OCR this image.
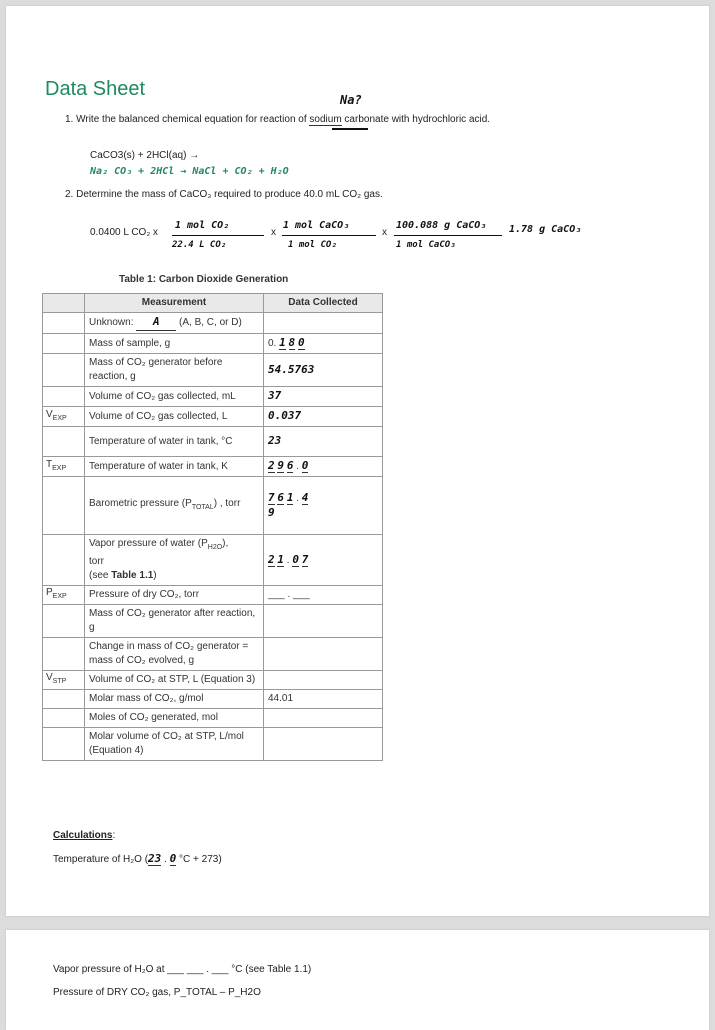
Data Sheet	Na?
1. Write the balanced chemical equation for reaction of sodium carbonate with hydrochloric acid.
CaCO3(s) + 2HCl(aq) →
Na₂ CO₃ + 2HCl → NaCl + CO₂ + H₂O
2. Determine the mass of CaCO₃ required to produce 40.0 mL CO₂ gas.
0.0400 L CO₂ x
1 mol CO₂
22.4 L CO₂
x
1 mol CaCO₃
1 mol CO₂
x
100.088 g CaCO₃
1 mol CaCO₃
1.78 g CaCO₃
Table 1: Carbon Dioxide Generation
	Measurement	Data Collected
	Unknown: A (A, B, C, or D)	
	Mass of sample, g	0. 1 8 0
	Mass of CO₂ generator before reaction, g	54.5763
	Volume of CO₂ gas collected, mL	37
$V_{EXP}$	Volume of CO₂ gas collected, L	0.037
	Temperature of water in tank, °C	23
$T_{EXP}$	Temperature of water in tank, K	2 9 6 . 0
	Barometric pressure $(P_{TOTAL})$ , torr	7 6 1 . 4
9
	Vapor pressure of water $(P_{H2O})$,
torr
(see Table 1.1)	2 1 . 0 7
$P_{EXP}$	Pressure of dry CO₂, torr	___ . ___
	Mass of CO₂ generator after reaction, g	
	Change in mass of CO₂ generator = mass of CO₂ evolved, g	
$V_{STP}$	Volume of CO₂ at STP, L (Equation 3)	
	Molar mass of CO₂, g/mol	44.01
	Moles of CO₂ generated, mol	
	Molar volume of CO₂ at STP, L/mol (Equation 4)	
Calculations:
Temperature of H₂O (23 . 0 °C + 273)
Vapor pressure of H₂O at ___ ___ . ___ °C (see Table 1.1)
Pressure of DRY CO₂ gas, P_TOTAL – P_H2O
